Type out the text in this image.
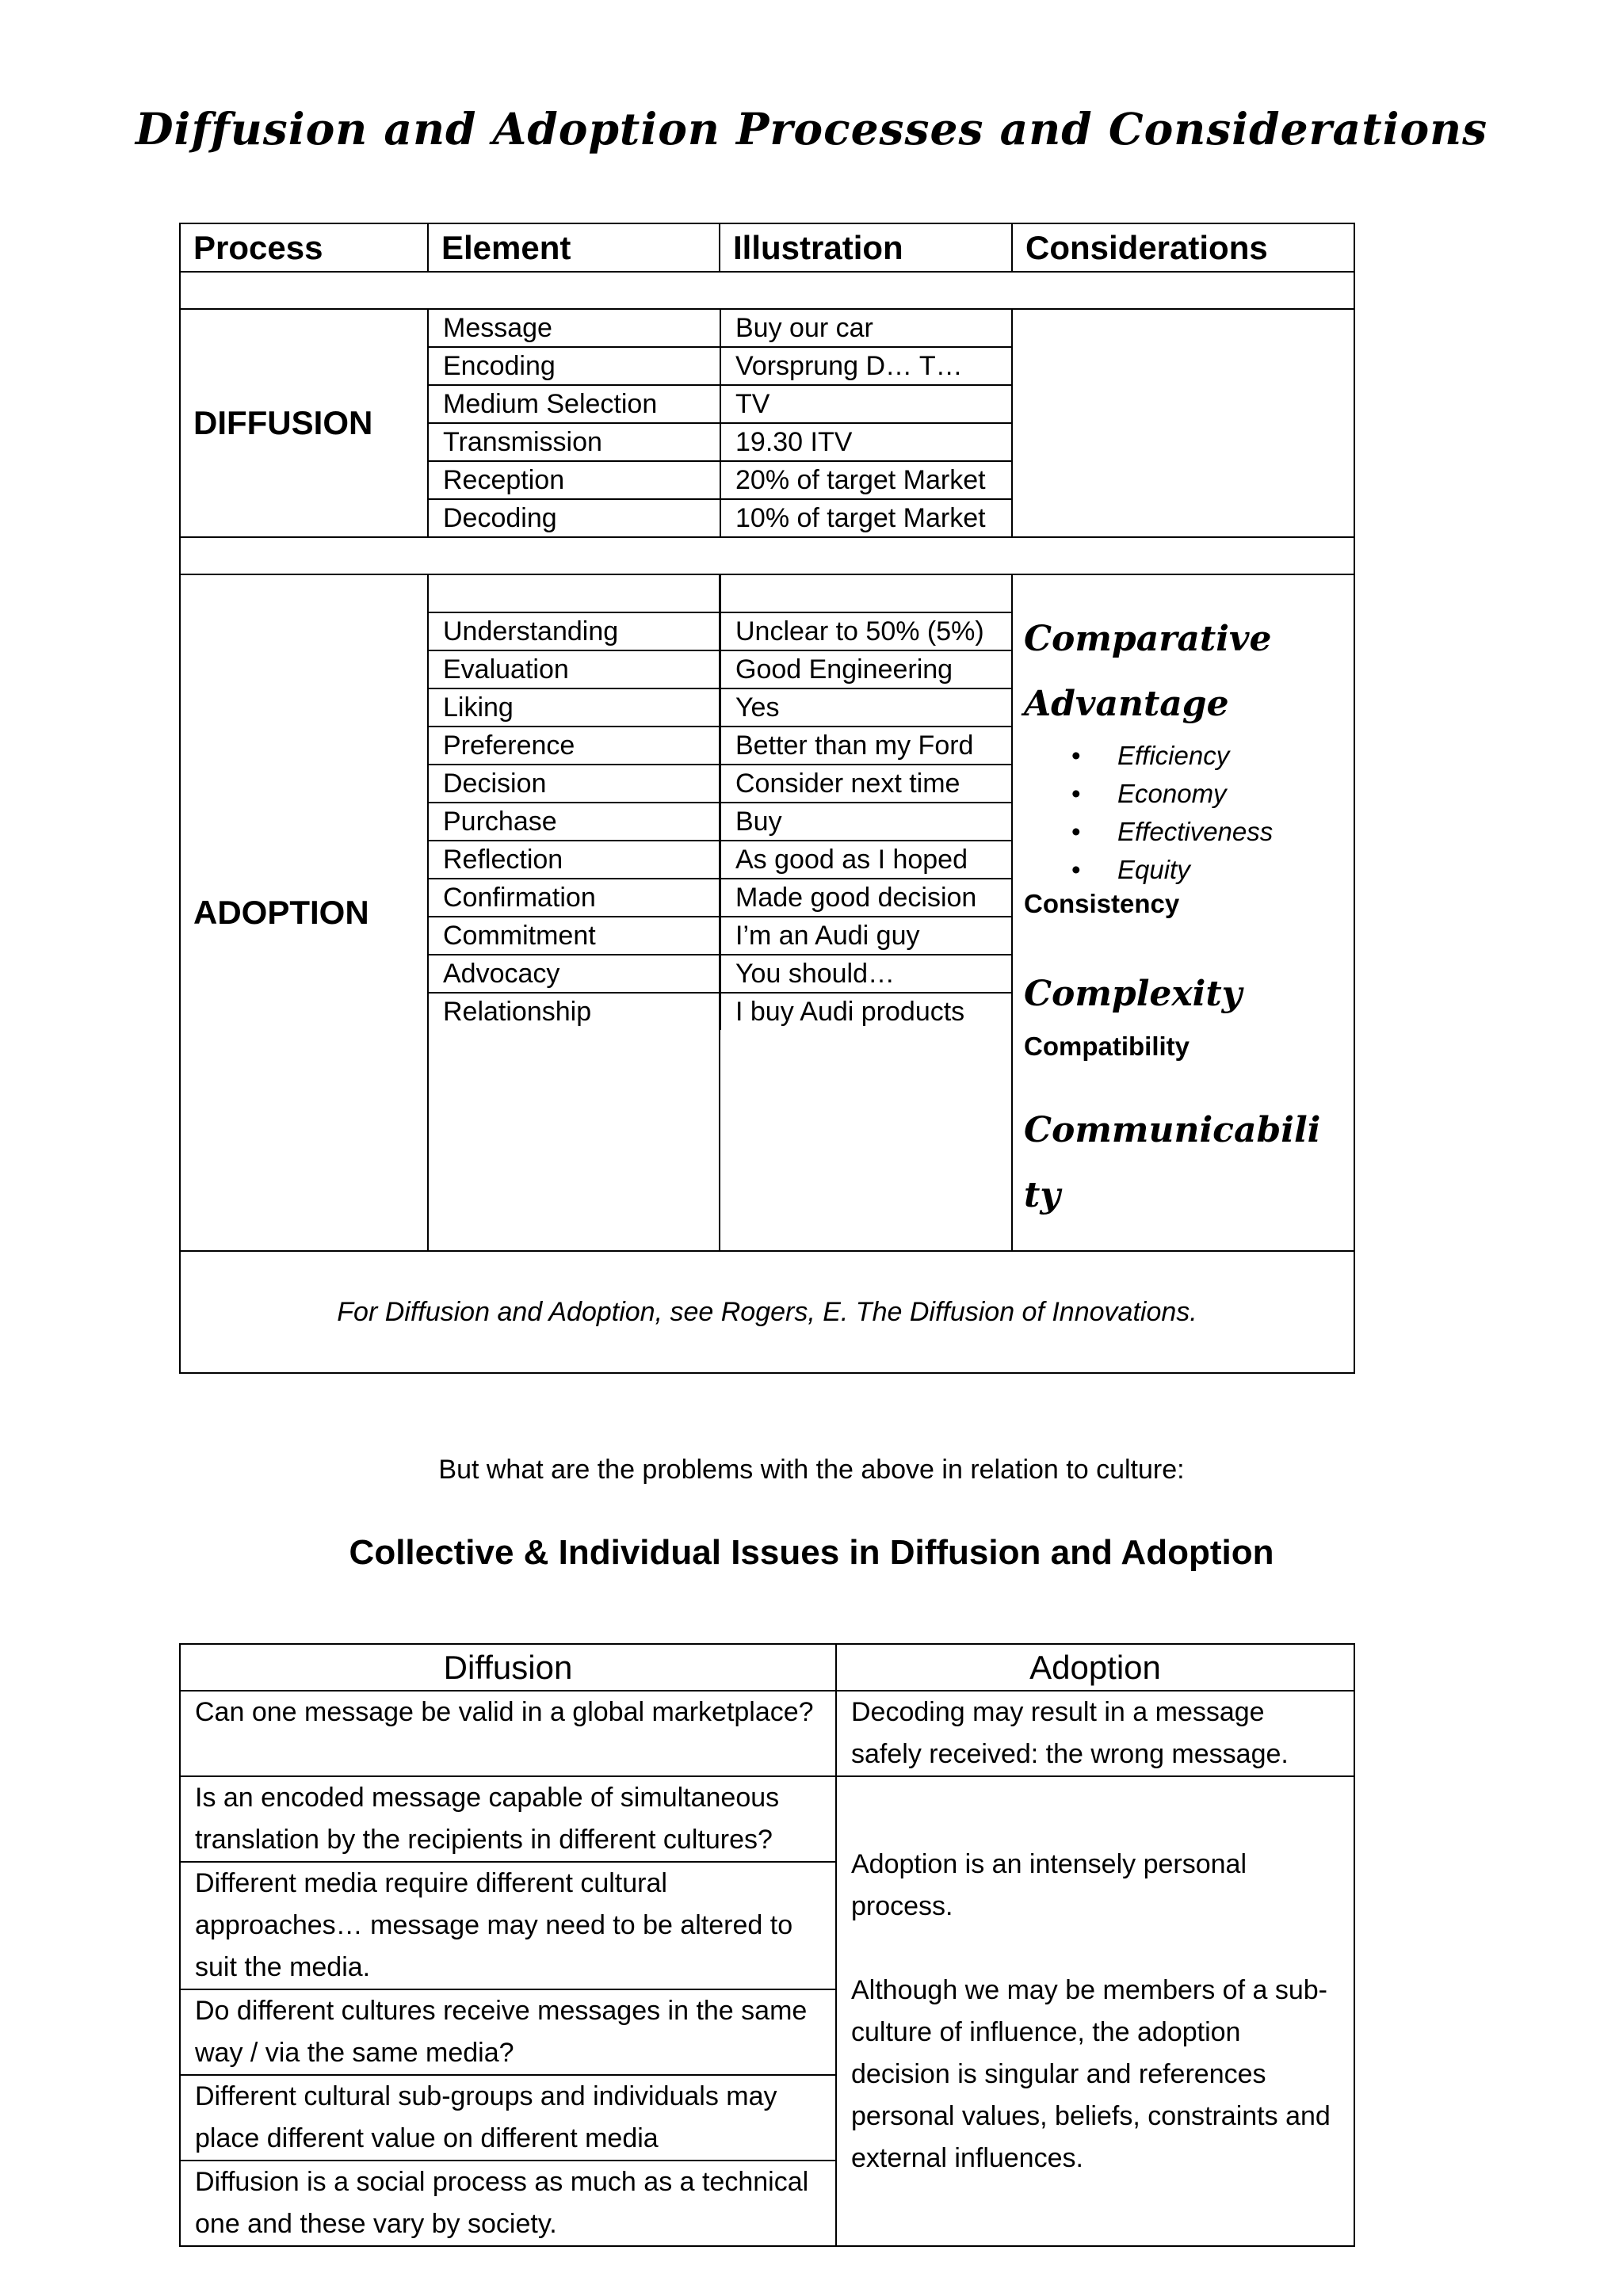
Diffusion and Adoption Processes and Considerations
Process	Element	Illustration	Considerations

DIFFUSION	
Message	Buy our car
Encoding	Vorsprung D… T…
Medium Selection	TV
Transmission	19.30 ITV
Reception	20% of target Market
Decoding	10% of target Market

ADOPTION	

Understanding	Unclear to 50% (5%)
Evaluation	Good Engineering
Liking	Yes
Preference	Better than my Ford
Decision	Consider next time
Purchase	Buy
Reflection	As good as I hoped
Confirmation	Made good decision
Commitment	I’m an Audi guy
Advocacy	You should…
Relationship	I buy Audi products

Comparative
Advantage
• Efficiency
• Economy
• Effectiveness
• Equity
Consistency
Complexity
Compatibility
Communicabili
ty

For Diffusion and Adoption, see Rogers, E. The Diffusion of Innovations.
But what are the problems with the above in relation to culture:
Collective & Individual Issues in Diffusion and Adoption
Diffusion	Adoption
Can one message be valid in a global marketplace?	Decoding may result in a message safely received: the wrong message.
Is an encoded message capable of simultaneous translation by the recipients in different cultures?	Adoption is an intensely personal process.
Although we may be members of a sub-culture of influence, the adoption decision is singular and references personal values, beliefs, constraints and external influences.

Different media require different cultural approaches… message may need to be altered to suit the media.	
Do different cultures receive messages in the same way / via the same media?	
Different cultural sub-groups and individuals may place different value on different media	
Diffusion is a social process as much as a technical one and these vary by society.	
